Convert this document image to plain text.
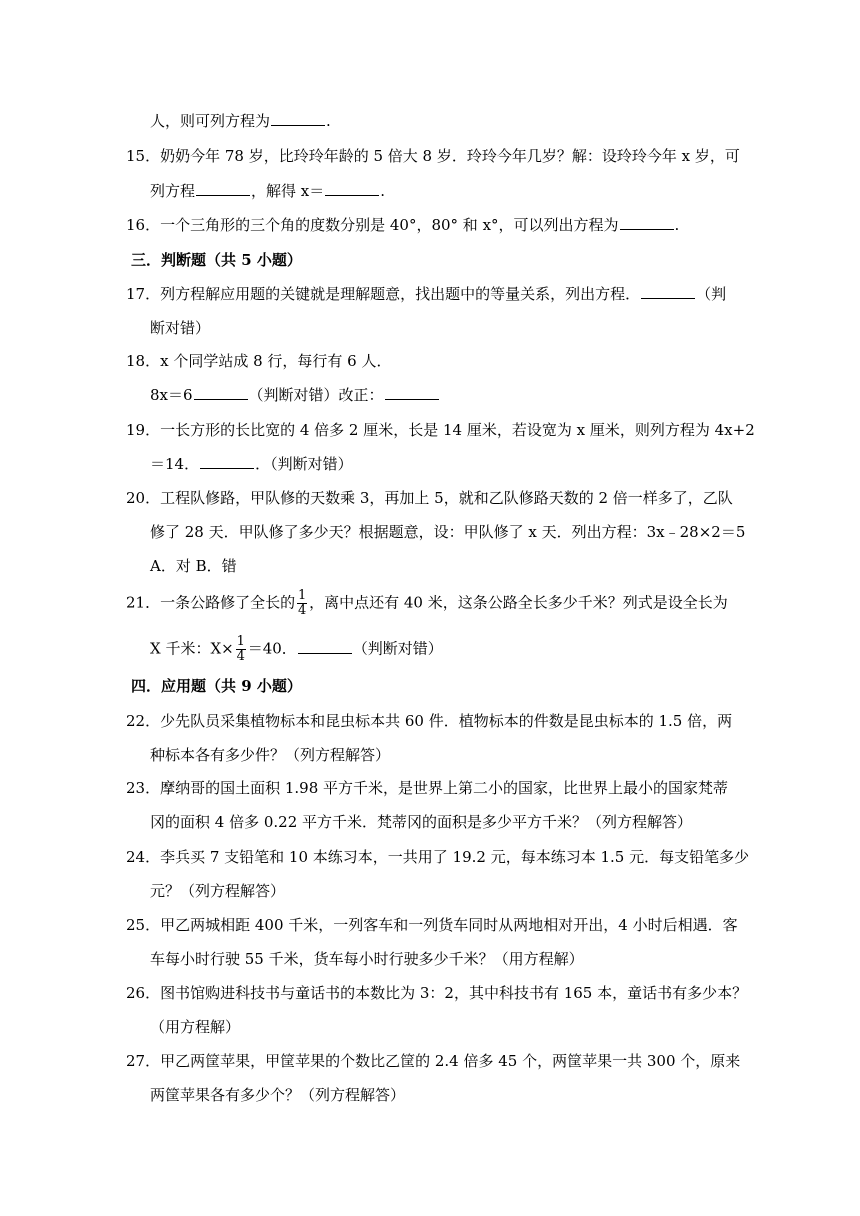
人，则可列方程为	.
15．奶奶今年 78 岁，比玲玲年龄的 5 倍大 8 岁．玲玲今年几岁？解：设玲玲今年 x 岁，可
列方程	，解得 x＝	.
16．一个三角形的三个角的度数分别是 40°，80° 和 x°，可以列出方程为	.
三．判断题（共 5 小题）
17．列方程解应用题的关键就是理解题意，找出题中的等量关系，列出方程．	（判
断对错）
18．x 个同学站成 8 行，每行有 6 人．
8x＝6	（判断对错）改正：
19．一长方形的长比宽的 4 倍多 2 厘米，长是 14 厘米，若设宽为 x 厘米，则列方程为 4x+2
＝14．	．（判断对错）
20．工程队修路，甲队修的天数乘 3，再加上 5，就和乙队修路天数的 2 倍一样多了，乙队
修了 28 天．甲队修了多少天？根据题意，设：甲队修了 x 天．列出方程：3x﹣28×2＝5
A．对 B．错
21．一条公路修了全长的 $\frac{1}{4}$ ，离中点还有 40 米，这条公路全长多少千米？列式是设全长为
X 千米：$X\times \frac{1}{4} =40$．	（判断对错）
四．应用题（共 9 小题）
22．少先队员采集植物标本和昆虫标本共 60 件．植物标本的件数是昆虫标本的 1.5 倍，两
种标本各有多少件？（列方程解答）
23．摩纳哥的国土面积 1.98 平方千米，是世界上第二小的国家，比世界上最小的国家梵蒂
冈的面积 4 倍多 0.22 平方千米．梵蒂冈的面积是多少平方千米？（列方程解答）
24．李兵买 7 支铅笔和 10 本练习本，一共用了 19.2 元，每本练习本 1.5 元．每支铅笔多少
元？（列方程解答）
25．甲乙两城相距 400 千米，一列客车和一列货车同时从两地相对开出，4 小时后相遇．客
车每小时行驶 55 千米，货车每小时行驶多少千米？（用方程解）
26．图书馆购进科技书与童话书的本数比为 3：2，其中科技书有 165 本，童话书有多少本？
（用方程解）
27．甲乙两筐苹果，甲筐苹果的个数比乙筐的 2.4 倍多 45 个，两筐苹果一共 300 个，原来
两筐苹果各有多少个？（列方程解答）
